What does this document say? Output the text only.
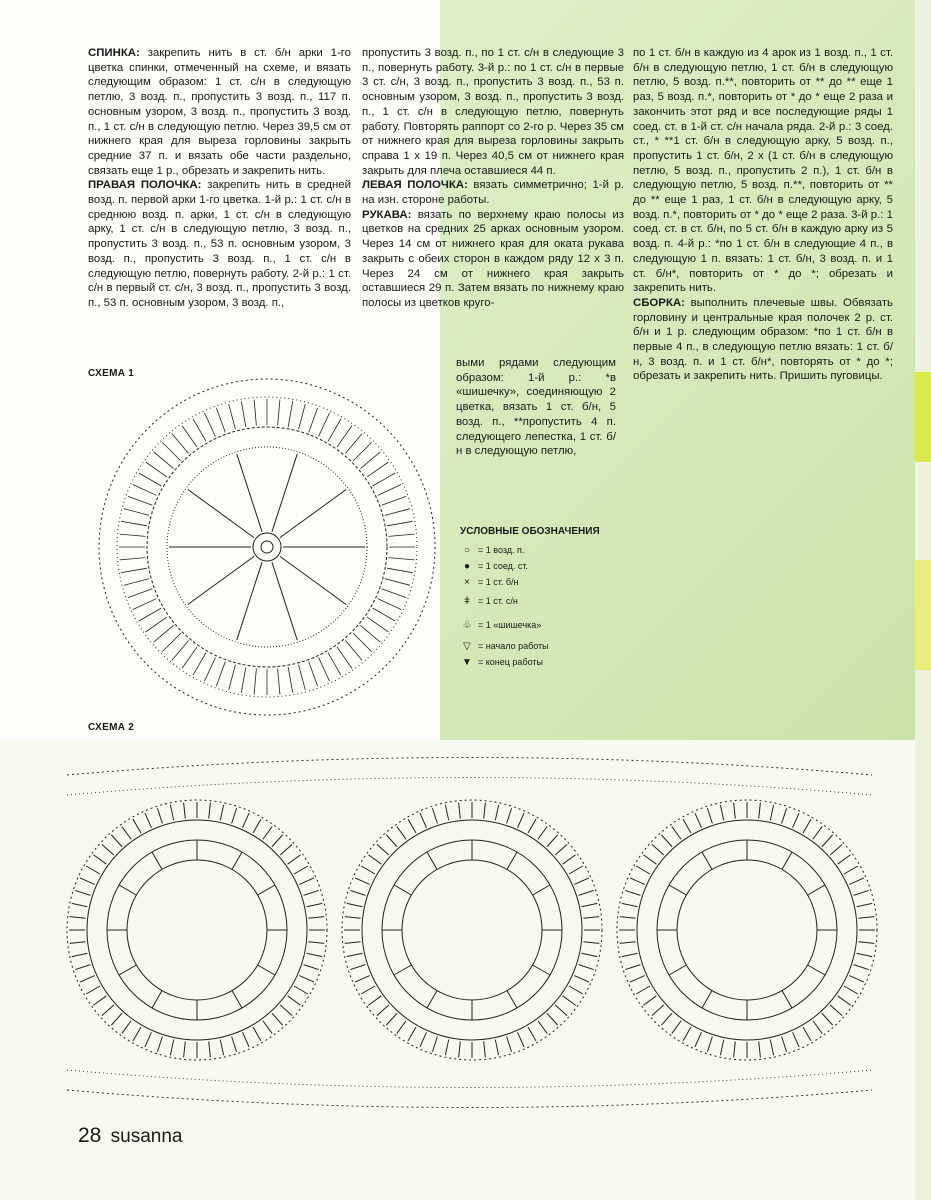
СПИНКА: закрепить нить в ст. б/н арки 1-го цветка спинки, отмеченный на схеме, и вязать следующим образом: 1 ст. с/н в следующую петлю, 3 возд. п., пропустить 3 возд. п., 117 п. основным узором, 3 возд. п., пропустить 3 возд. п., 1 ст. с/н в следующую петлю. Через 39,5 см от нижнего края для выреза горловины закрыть средние 37 п. и вязать обе части раздельно, связать еще 1 р., обрезать и закрепить нить.

ПРАВАЯ ПОЛОЧКА: закрепить нить в средней возд. п. первой арки 1-го цветка. 1-й р.: 1 ст. с/н в среднюю возд. п. арки, 1 ст. с/н в следующую арку, 1 ст. с/н в следующую петлю, 3 возд. п., пропустить 3 возд. п., 53 п. основным узором, 3 возд. п., пропустить 3 возд. п., 1 ст. с/н в следующую петлю, повернуть работу. 2-й р.: 1 ст. с/н в первый ст. с/н, 3 возд. п., пропустить 3 возд. п., 53 п. основным узором, 3 возд. п.,

пропустить 3 возд. п., по 1 ст. с/н в следующие 3 п., повернуть работу. 3-й р.: по 1 ст. с/н в первые 3 ст. с/н, 3 возд. п., пропустить 3 возд. п., 53 п. основным узором, 3 возд. п., пропустить 3 возд. п., 1 ст. с/н в следующую петлю, повернуть работу. Повторять раппорт со 2-го р. Через 35 см от нижнего края для выреза горловины закрыть справа 1 х 19 п. Через 40,5 см от нижнего края закрыть для плеча оставшиеся 44 п.

ЛЕВАЯ ПОЛОЧКА: вязать симметрично; 1-й р. на изн. стороне работы.

РУКАВА: вязать по верхнему краю полосы из цветков на средних 25 арках основным узором. Через 14 см от нижнего края для оката рукава закрыть с обеих сторон в каждом ряду 12 х 3 п. Через 24 см от нижнего края закрыть оставшиеся 29 п. Затем вязать по нижнему краю полосы из цветков круго-

выми рядами следующим образом: 1-й р.: *в «шишечку», соединяющую 2 цветка, вязать 1 ст. б/н, 5 возд. п., **пропустить 4 п. следующего лепестка, 1 ст. б/н в следующую петлю,

по 1 ст. б/н в каждую из 4 арок из 1 возд. п., 1 ст. б/н в следующую петлю, 1 ст. б/н в следующую петлю, 5 возд. п.**, повторить от ** до ** еще 1 раз, 5 возд. п.*, повторить от * до * еще 2 раза и закончить этот ряд и все последующие ряды 1 соед. ст. в 1-й ст. с/н начала ряда. 2-й р.: 3 соед. ст., * **1 ст. б/н в следующую арку, 5 возд. п., пропустить 1 ст. б/н, 2 х (1 ст. б/н в следующую петлю, 5 возд. п., пропустить 2 п.), 1 ст. б/н в следующую петлю, 5 возд. п.**, повторить от ** до ** еще 1 раз, 1 ст. б/н в следующую арку, 5 возд. п.*, повторить от * до * еще 2 раза. 3-й р.: 1 соед. ст. в ст. б/н, по 5 ст. б/н в каждую арку из 5 возд. п. 4-й р.: *по 1 ст. б/н в следующие 4 п., в следующую 1 п. вязать: 1 ст. б/н, 3 возд. п. и 1 ст. б/н*, повторить от * до *; обрезать и закрепить нить.

СБОРКА: выполнить плечевые швы. Обвязать горловину и центральные края полочек 2 р. ст. б/н и 1 р. следующим образом: *по 1 ст. б/н в первые 4 п., в следующую петлю вязать: 1 ст. б/н, 3 возд. п. и 1 ст. б/н*, повторять от * до *; обрезать и закрепить нить. Пришить пуговицы.

СХЕМА 1
СХЕМА 2
УСЛОВНЫЕ ОБОЗНАЧЕНИЯ
○ = 1 возд. п.
● = 1 соед. ст.
× = 1 ст. б/н
ǂ = 1 ст. с/н
♧ = 1 «шишечка»
▽ = начало работы
▼ = конец работы
28 susanna
